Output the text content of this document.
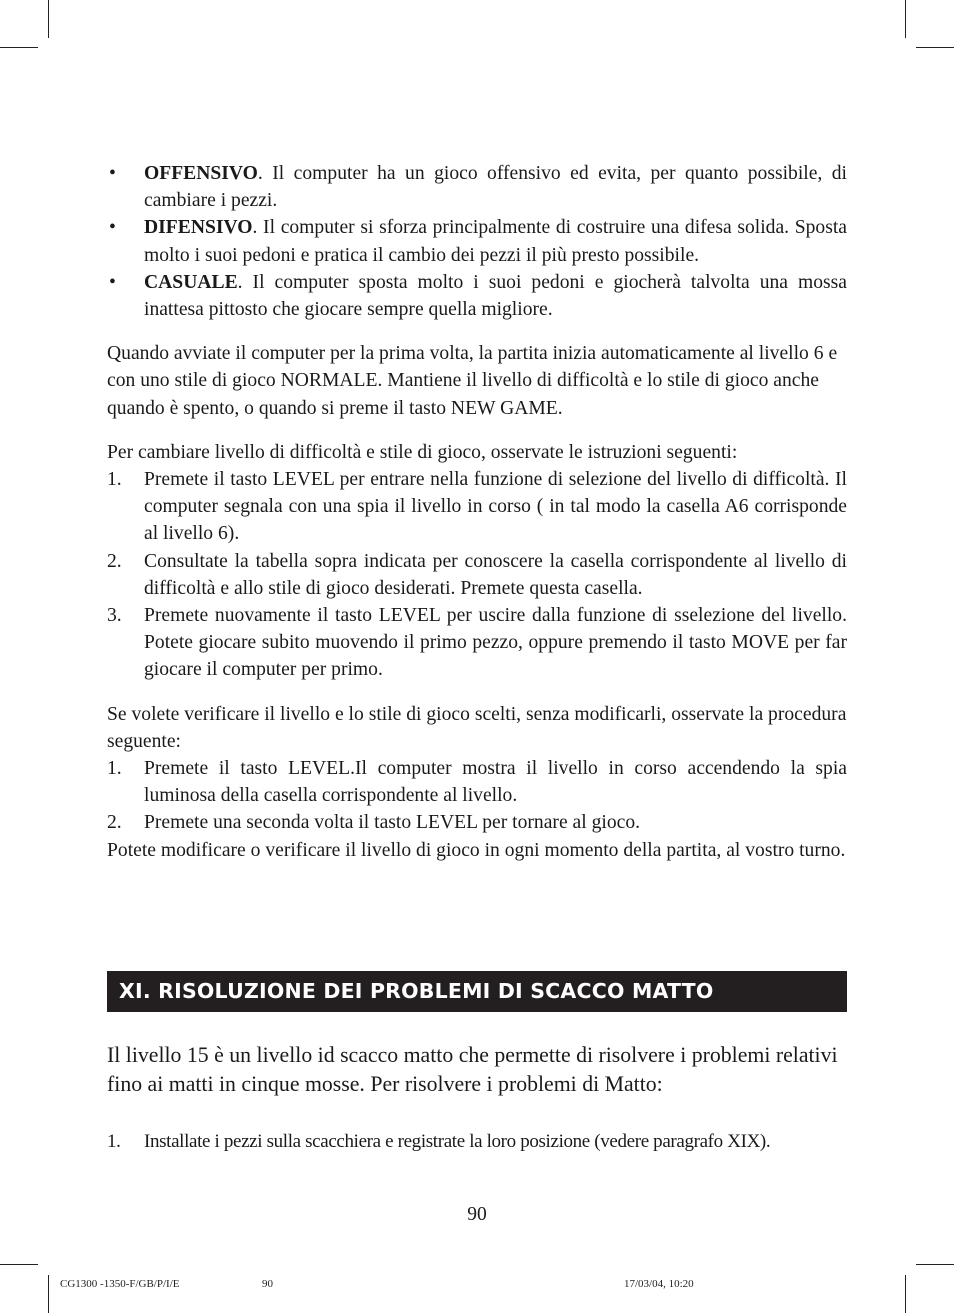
• OFFENSIVO. Il computer ha un gioco offensivo ed evita, per quanto possibile, di cambiare i pezzi.
• DIFENSIVO. Il computer si sforza principalmente di costruire una difesa solida. Sposta molto i suoi pedoni e pratica il cambio dei pezzi il più presto possibile.
• CASUALE. Il computer sposta molto i suoi pedoni e giocherà talvolta una mossa inattesa pittosto che giocare sempre quella migliore.
Quando avviate il computer per la prima volta, la partita inizia automaticamente al livello 6 e con uno stile di gioco NORMALE. Mantiene il livello di difficoltà e lo stile di gioco anche quando è spento, o quando si preme il tasto NEW GAME.
Per cambiare livello di difficoltà e stile di gioco, osservate le istruzioni seguenti:
1. Premete il tasto LEVEL per entrare nella funzione di selezione del livello di difficoltà. Il computer segnala con una spia il livello in corso ( in tal modo la casella A6 corrisponde al livello 6).
2. Consultate la tabella sopra indicata per conoscere la casella corrispondente al livello di difficoltà e allo stile di gioco desiderati. Premete questa casella.
3. Premete nuovamente il tasto LEVEL per uscire dalla funzione di sselezione del livello. Potete giocare subito muovendo il primo pezzo, oppure premendo il tasto MOVE per far giocare il computer per primo.
Se volete verificare il livello e lo stile di gioco scelti, senza modificarli, osservate la procedura seguente:
1. Premete il tasto LEVEL.Il computer mostra il livello in corso accendendo la spia luminosa della casella corrispondente al livello.
2. Premete una seconda volta il tasto LEVEL per tornare al gioco.
Potete modificare o verificare il livello di gioco in ogni momento della partita, al vostro turno.
XI. RISOLUZIONE DEI PROBLEMI DI SCACCO MATTO
Il livello 15 è un livello id scacco matto che permette di risolvere i problemi relativi fino ai matti in cinque mosse. Per risolvere i problemi di Matto:
1. Installate i pezzi sulla scacchiera e registrate la loro posizione (vedere paragrafo XIX).
90
CG1300 -1350-F/GB/P/I/E	90	17/03/04, 10:20
